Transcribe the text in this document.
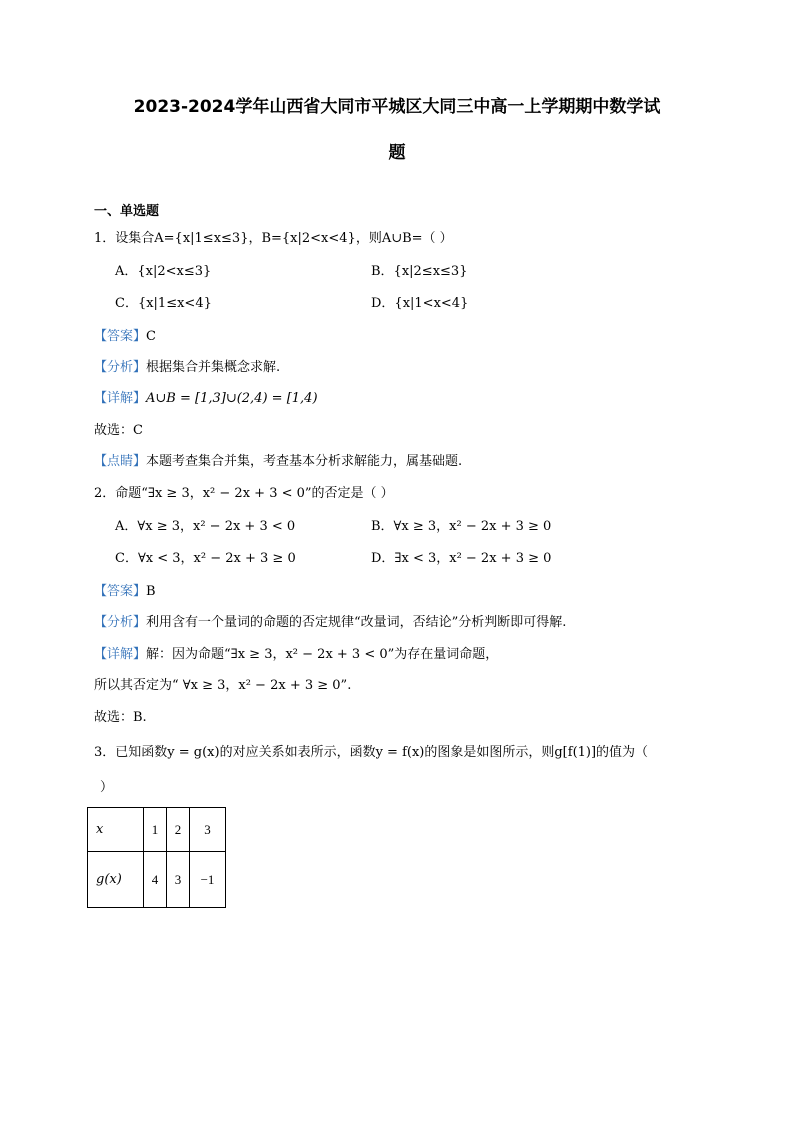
2023-2024学年山西省大同市平城区大同三中高一上学期期中数学试
题
一、单选题
1．设集合A={x|1≤x≤3}，B={x|2<x<4}，则A∪B=（ ）
A．{x|2<x≤3}	B．{x|2≤x≤3}
C．{x|1≤x<4}	D．{x|1<x<4}
【答案】C
【分析】根据集合并集概念求解.
【详解】A∪B = [1,3]∪(2,4) = [1,4)
故选：C
【点睛】本题考查集合并集，考查基本分析求解能力，属基础题.
2．命题“∃x ≥ 3，x² − 2x + 3 < 0”的否定是（ ）
A．∀x ≥ 3，x² − 2x + 3 < 0	B．∀x ≥ 3，x² − 2x + 3 ≥ 0
C．∀x < 3，x² − 2x + 3 ≥ 0	D．∃x < 3，x² − 2x + 3 ≥ 0
【答案】B
【分析】利用含有一个量词的命题的否定规律“改量词，否结论”分析判断即可得解.
【详解】解：因为命题“∃x ≥ 3，x² − 2x + 3 < 0”为存在量词命题，
所以其否定为“ ∀x ≥ 3，x² − 2x + 3 ≥ 0”.
故选：B.
3．已知函数y = g(x)的对应关系如表所示，函数y = f(x)的图象是如图所示，则g[f(1)]的值为（
）
x	1	2	3
g(x)	4	3	−1
